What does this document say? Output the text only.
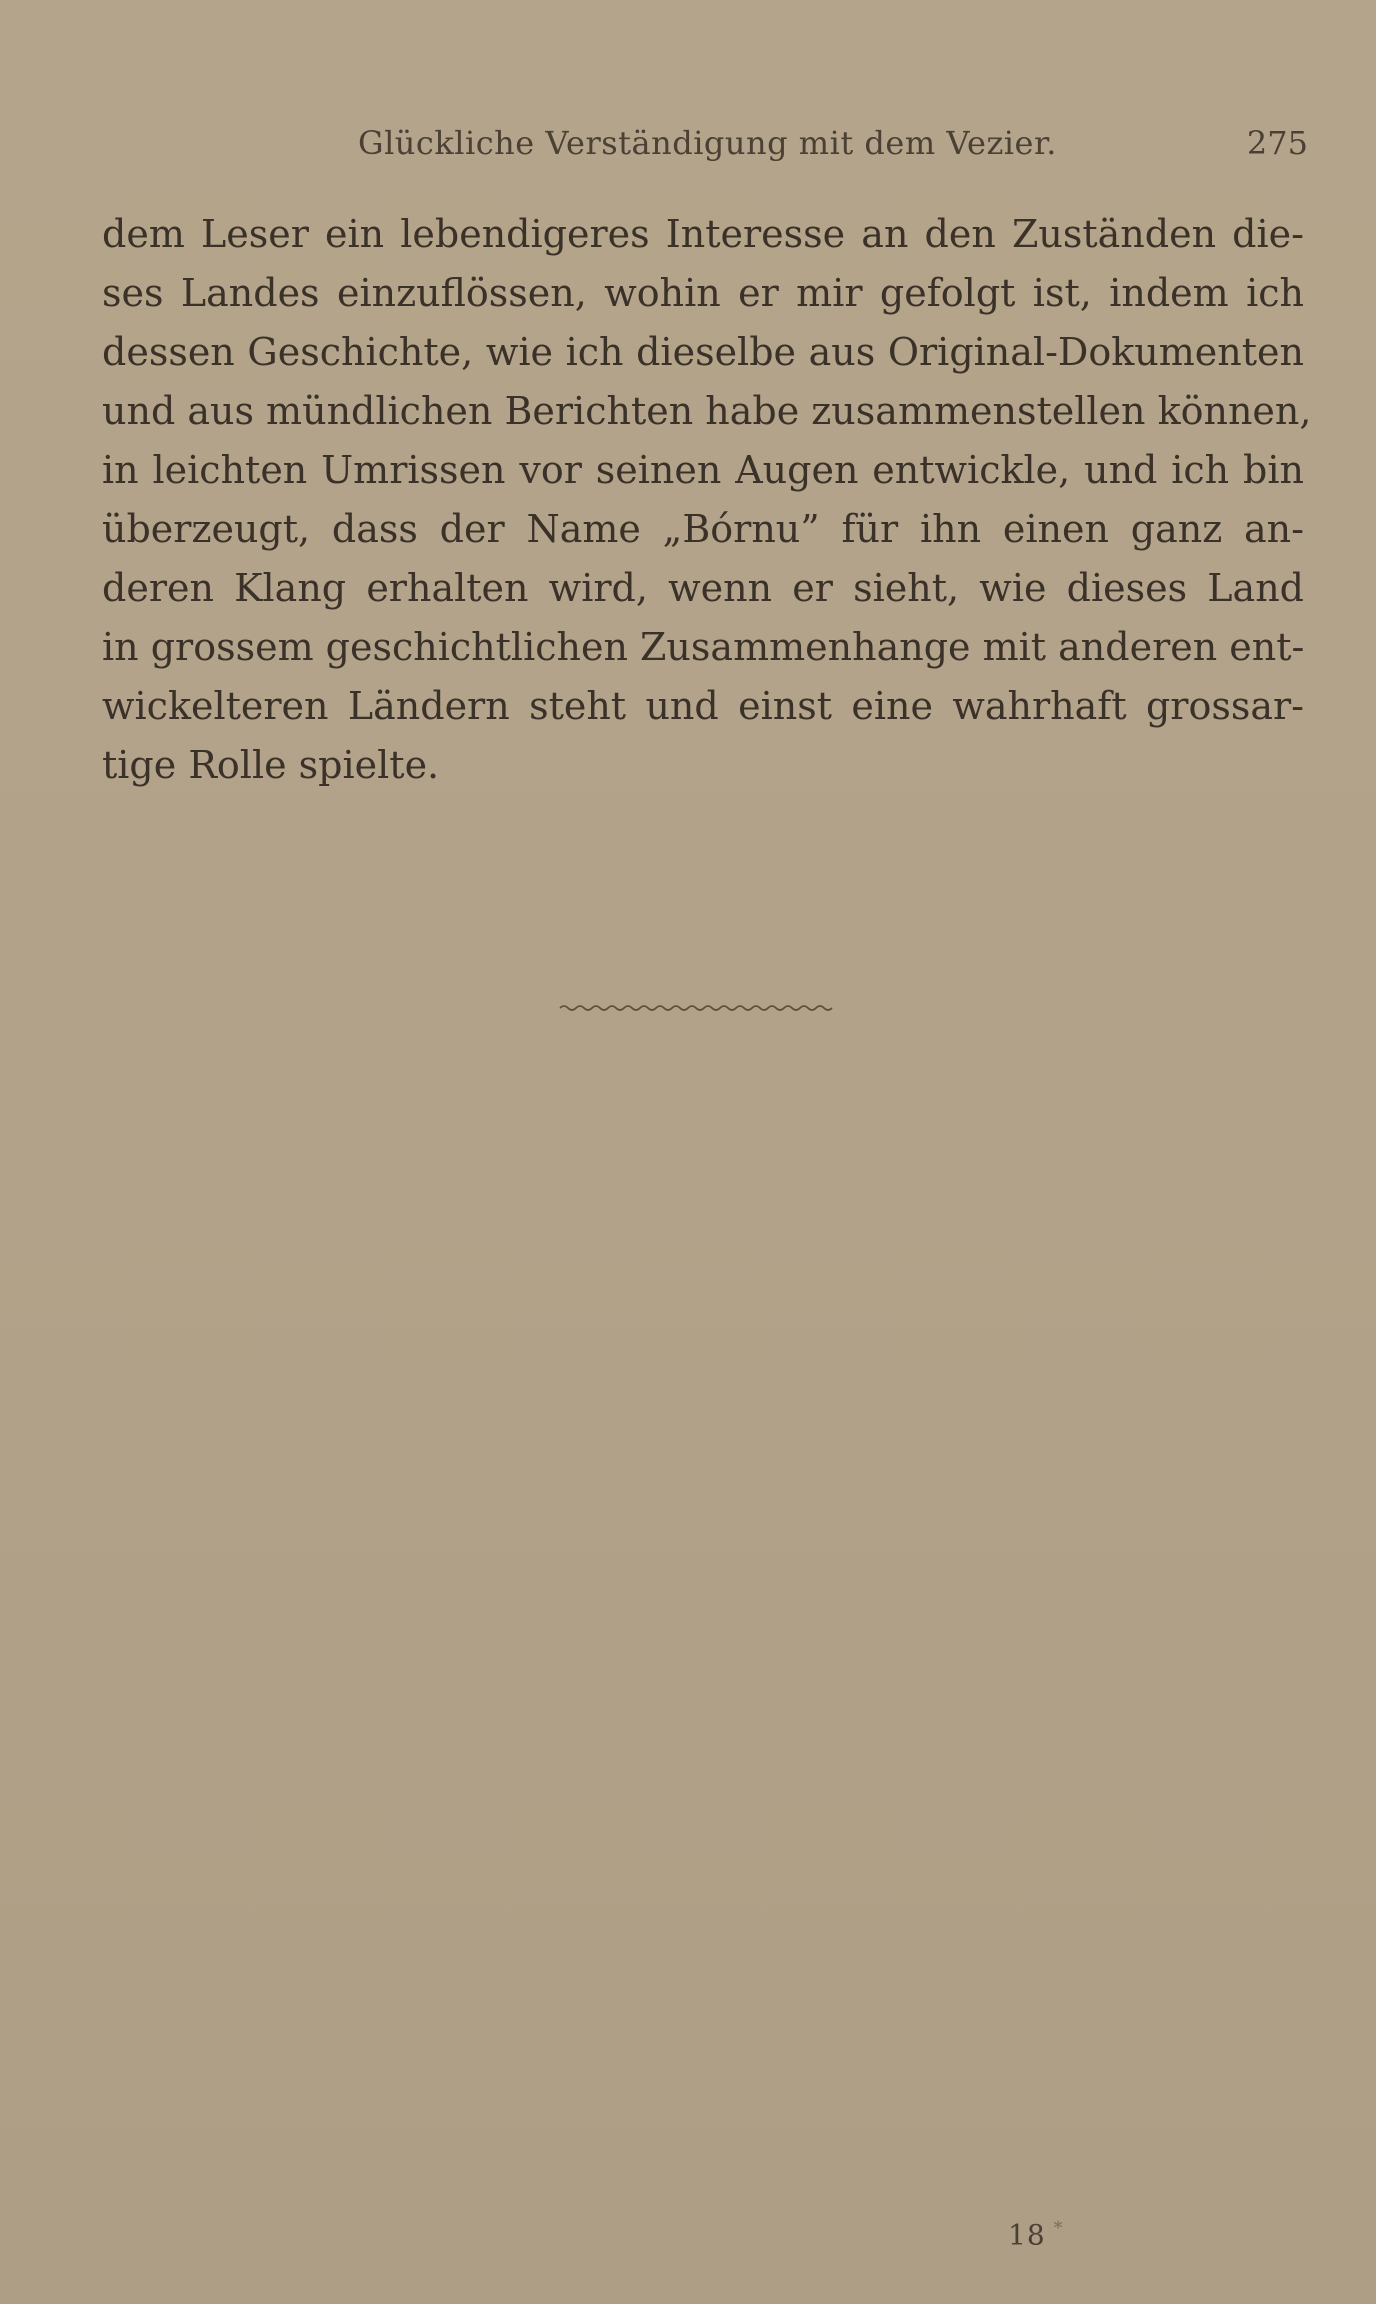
Glückliche Verständigung mit dem Vezier.	275
dem Leser ein lebendigeres Interesse an den Zuständen die-
ses Landes einzuflössen, wohin er mir gefolgt ist, indem ich
dessen Geschichte, wie ich dieselbe aus Original-Dokumenten
und aus mündlichen Berichten habe zusammenstellen können,
in leichten Umrissen vor seinen Augen entwickle, und ich bin
überzeugt, dass der Name „Bórnu” für ihn einen ganz an-
deren Klang erhalten wird, wenn er sieht, wie dieses Land
in grossem geschichtlichen Zusammenhange mit anderen ent-
wickelteren Ländern steht und einst eine wahrhaft grossar-
tige Rolle spielte.
18 *
